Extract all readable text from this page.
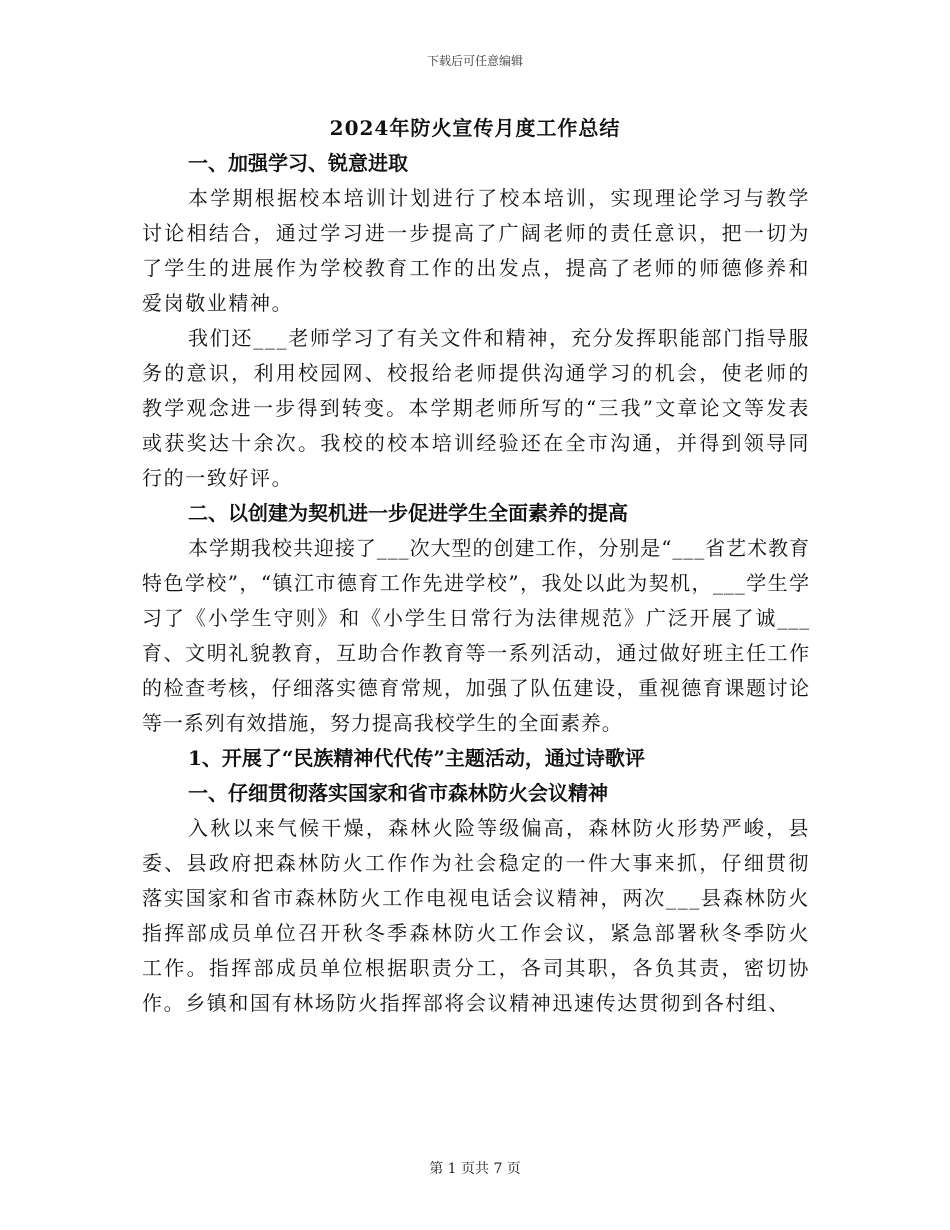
下载后可任意编辑
2024年防火宣传月度工作总结

一、加强学习、锐意进取

本学期根据校本培训计划进行了校本培训，实现理论学习与教学讨论相结合，通过学习进一步提高了广阔老师的责任意识，把一切为了学生的进展作为学校教育工作的出发点，提高了老师的师德修养和爱岗敬业精神。

我们还___老师学习了有关文件和精神，充分发挥职能部门指导服务的意识，利用校园网、校报给老师提供沟通学习的机会，使老师的教学观念进一步得到转变。本学期老师所写的“三我”文章论文等发表或获奖达十余次。我校的校本培训经验还在全市沟通，并得到领导同行的一致好评。

二、以创建为契机进一步促进学生全面素养的提高

本学期我校共迎接了___次大型的创建工作，分别是“___省艺术教育特色学校”，“镇江市德育工作先进学校”，我处以此为契机，___学生学习了《小学生守则》和《小学生日常行为法律规范》广泛开展了诚___育、文明礼貌教育，互助合作教育等一系列活动，通过做好班主任工作的检查考核，仔细落实德育常规，加强了队伍建设，重视德育课题讨论等一系列有效措施，努力提高我校学生的全面素养。

1、开展了“民族精神代代传”主题活动，通过诗歌评

一、仔细贯彻落实国家和省市森林防火会议精神

入秋以来气候干燥，森林火险等级偏高，森林防火形势严峻，县委、县政府把森林防火工作作为社会稳定的一件大事来抓，仔细贯彻落实国家和省市森林防火工作电视电话会议精神，两次___县森林防火指挥部成员单位召开秋冬季森林防火工作会议，紧急部署秋冬季防火工作。指挥部成员单位根据职责分工，各司其职，各负其责，密切协作。乡镇和国有林场防火指挥部将会议精神迅速传达贯彻到各村组、

第 1 页共 7 页
